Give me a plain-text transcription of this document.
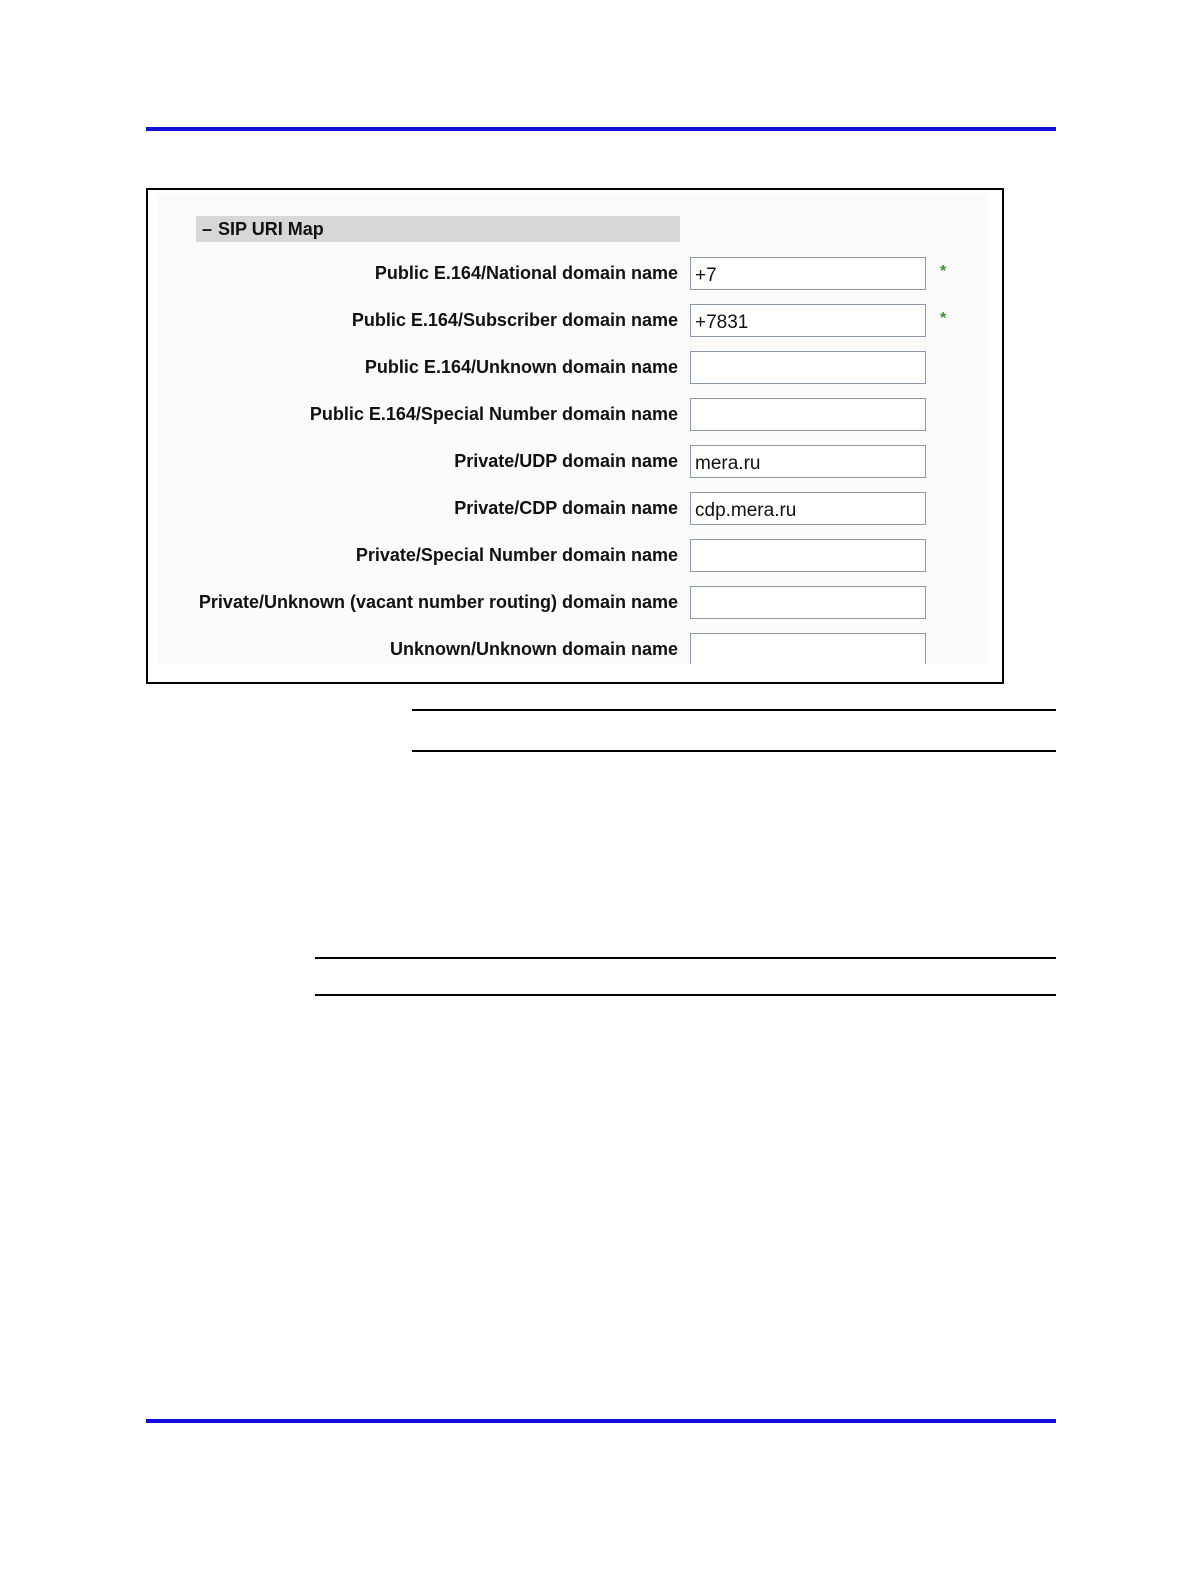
– SIP URI Map
Public E.164/National domain name
+7	*
Public E.164/Subscriber domain name
+7831	*
Public E.164/Unknown domain name
Public E.164/Special Number domain name
Private/UDP domain name
mera.ru
Private/CDP domain name
cdp.mera.ru
Private/Special Number domain name
Private/Unknown (vacant number routing) domain name
Unknown/Unknown domain name
